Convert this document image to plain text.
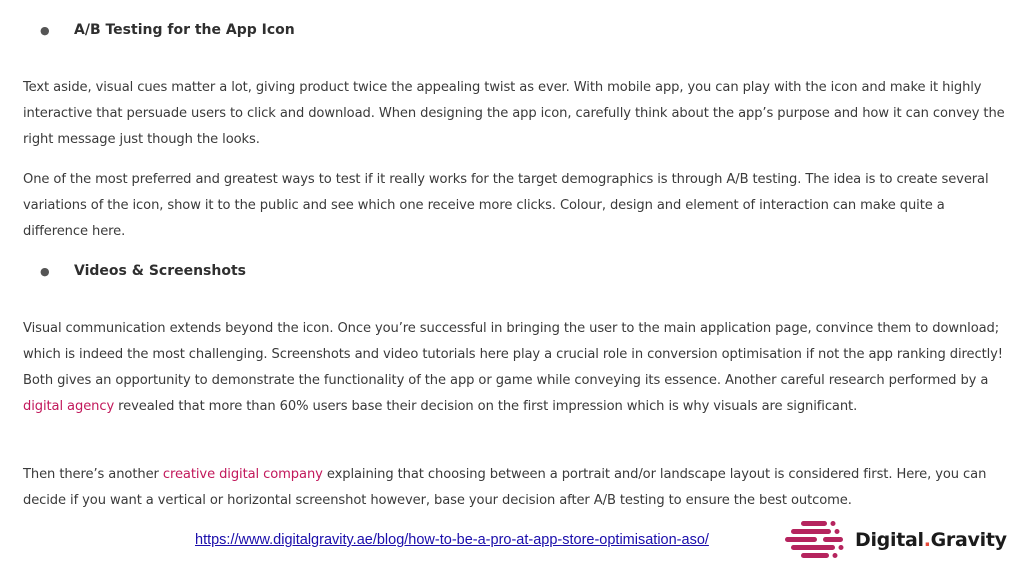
●	A/B Testing for the App Icon

Text aside, visual cues matter a lot, giving product twice the appealing twist as ever. With mobile app, you can play with the icon and make it highly interactive that persuade users to click and download. When designing the app icon, carefully think about the app’s purpose and how it can convey the right message just though the looks.

One of the most preferred and greatest ways to test if it really works for the target demographics is through A/B testing. The idea is to create several variations of the icon, show it to the public and see which one receive more clicks. Colour, design and element of interaction can make quite a difference here.

●	Videos & Screenshots

Visual communication extends beyond the icon. Once you’re successful in bringing the user to the main application page, convince them to download; which is indeed the most challenging. Screenshots and video tutorials here play a crucial role in conversion optimisation if not the app ranking directly! Both gives an opportunity to demonstrate the functionality of the app or game while conveying its essence. Another careful research performed by a digital agency revealed that more than 60% users base their decision on the first impression which is why visuals are significant.

Then there’s another creative digital company explaining that choosing between a portrait and/or landscape layout is considered first. Here, you can decide if you want a vertical or horizontal screenshot however, base your decision after A/B testing to ensure the best outcome.

https://www.digitalgravity.ae/blog/how-to-be-a-pro-at-app-store-optimisation-aso/	Digital.Gravity
